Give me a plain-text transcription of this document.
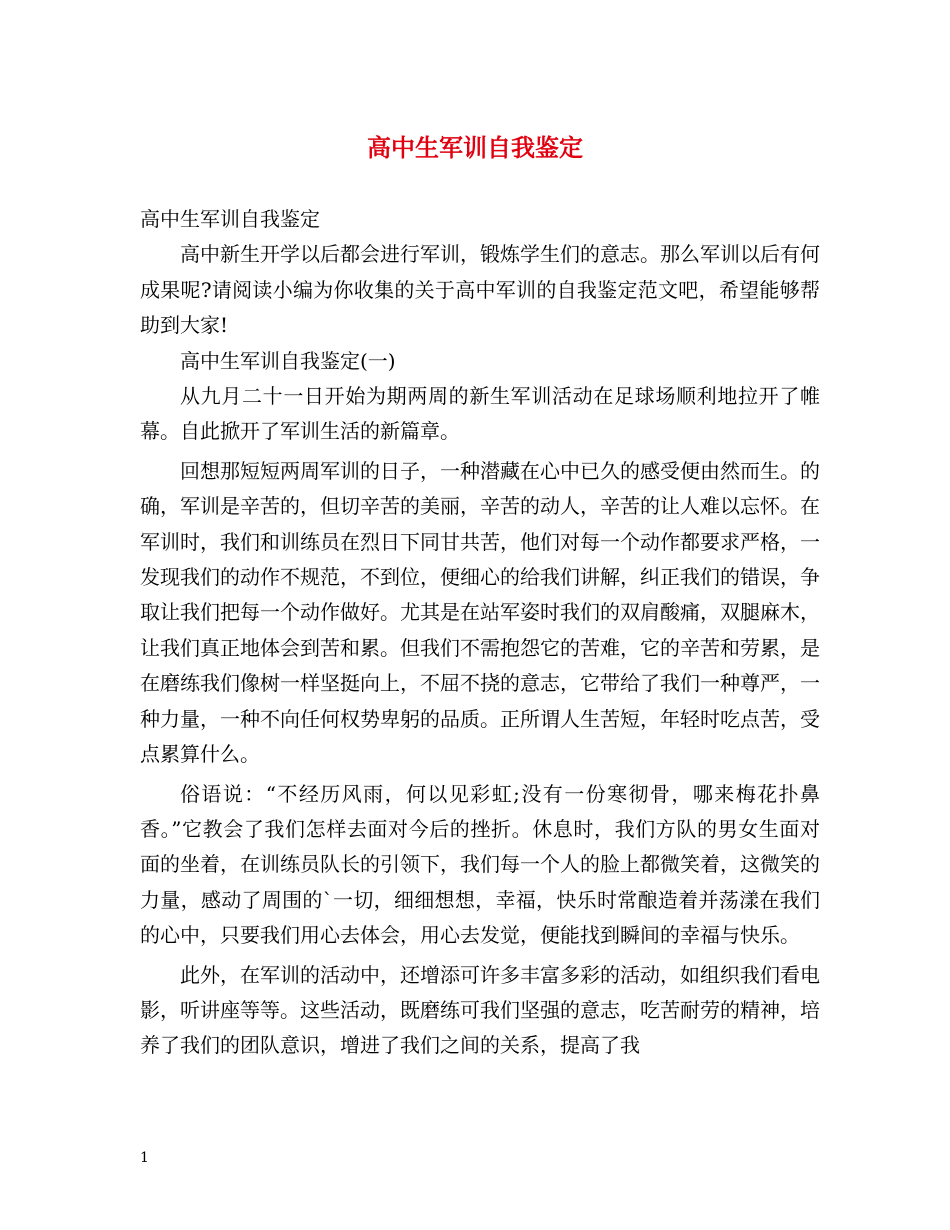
高中生军训自我鉴定

高中生军训自我鉴定

高中新生开学以后都会进行军训，锻炼学生们的意志。那么军训以后有何成果呢?请阅读小编为你收集的关于高中军训的自我鉴定范文吧，希望能够帮助到大家!

高中生军训自我鉴定(一)

从九月二十一日开始为期两周的新生军训活动在足球场顺利地拉开了帷幕。自此掀开了军训生活的新篇章。

回想那短短两周军训的日子，一种潜藏在心中已久的感受便由然而生。的确，军训是辛苦的，但切辛苦的美丽，辛苦的动人，辛苦的让人难以忘怀。在军训时，我们和训练员在烈日下同甘共苦，他们对每一个动作都要求严格，一发现我们的动作不规范，不到位，便细心的给我们讲解，纠正我们的错误，争取让我们把每一个动作做好。尤其是在站军姿时我们的双肩酸痛，双腿麻木，让我们真正地体会到苦和累。但我们不需抱怨它的苦难，它的辛苦和劳累，是在磨练我们像树一样坚挺向上，不屈不挠的意志，它带给了我们一种尊严，一种力量，一种不向任何权势卑躬的品质。正所谓人生苦短，年轻时吃点苦，受点累算什么。

俗语说：“不经历风雨，何以见彩虹;没有一份寒彻骨，哪来梅花扑鼻香。”它教会了我们怎样去面对今后的挫折。休息时，我们方队的男女生面对面的坐着，在训练员队长的引领下，我们每一个人的脸上都微笑着，这微笑的力量，感动了周围的`一切，细细想想，幸福，快乐时常酿造着并荡漾在我们的心中，只要我们用心去体会，用心去发觉，便能找到瞬间的幸福与快乐。

此外，在军训的活动中，还增添可许多丰富多彩的活动，如组织我们看电影，听讲座等等。这些活动，既磨练可我们坚强的意志，吃苦耐劳的精神，培养了我们的团队意识，增进了我们之间的关系，提高了我

1
